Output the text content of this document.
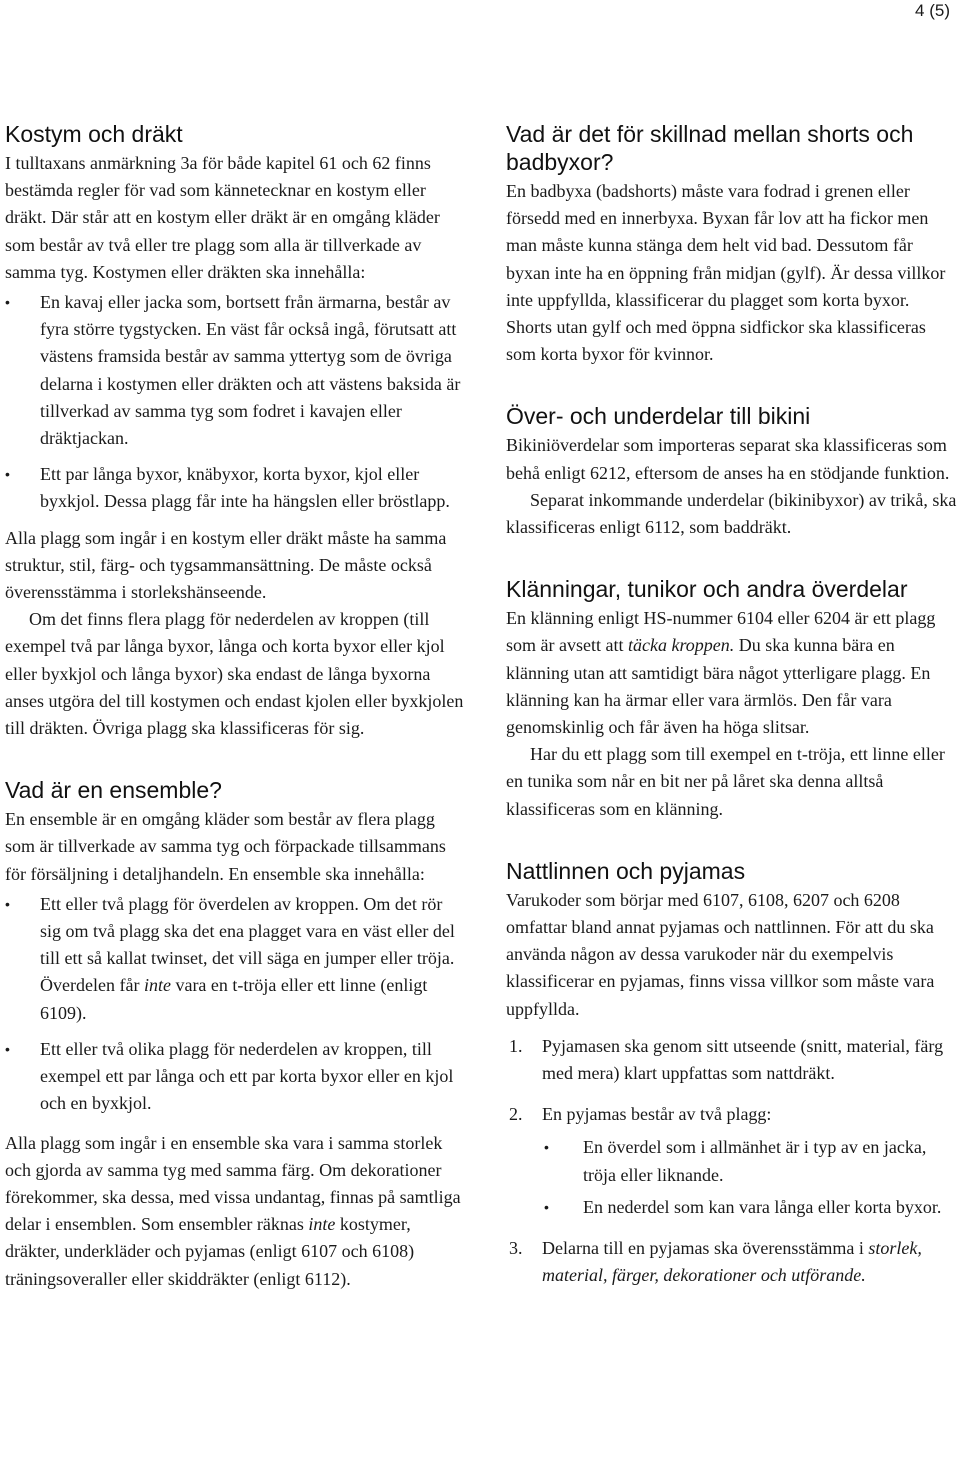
4 (5)
Kostym och dräkt

I tulltaxans anmärkning 3a för både kapitel 61 och 62 finns bestämda regler för vad som kännetecknar en kostym eller dräkt. Där står att en kostym eller dräkt är en omgång kläder som består av två eller tre plagg som alla är tillverkade av samma tyg. Kostymen eller dräkten ska innehålla:

• En kavaj eller jacka som, bortsett från ärmarna, består av fyra större tygstycken. En väst får också ingå, förutsatt att västens framsida består av samma yttertyg som de övriga delarna i kostymen eller dräkten och att västens baksida är tillverkad av samma tyg som fodret i kavajen eller dräktjackan.
• Ett par långa byxor, knäbyxor, korta byxor, kjol eller byxkjol. Dessa plagg får inte ha hängslen eller bröstlapp.

Alla plagg som ingår i en kostym eller dräkt måste ha samma struktur, stil, färg- och tygsammansättning. De måste också överensstämma i storlekshänseende.

Om det finns flera plagg för nederdelen av kroppen (till exempel två par långa byxor, långa och korta byxor eller kjol eller byxkjol och långa byxor) ska endast de långa byxorna anses utgöra del till kostymen och endast kjolen eller byxkjolen till dräkten. Övriga plagg ska klassificeras för sig.

Vad är en ensemble?

En ensemble är en omgång kläder som består av flera plagg som är tillverkade av samma tyg och förpackade tillsammans för försäljning i detaljhandeln. En ensemble ska innehålla:

• Ett eller två plagg för överdelen av kroppen. Om det rör sig om två plagg ska det ena plagget vara en väst eller del till ett så kallat twinset, det vill säga en jumper eller tröja. Överdelen får inte vara en t-tröja eller ett linne (enligt 6109).
• Ett eller två olika plagg för nederdelen av kroppen, till exempel ett par långa och ett par korta byxor eller en kjol och en byxkjol.

Alla plagg som ingår i en ensemble ska vara i samma storlek och gjorda av samma tyg med samma färg. Om dekorationer förekommer, ska dessa, med vissa undantag, finnas på samtliga delar i ensemblen. Som ensembler räknas inte kostymer, dräkter, underkläder och pyjamas (enligt 6107 och 6108) träningsoveraller eller skiddräkter (enligt 6112).

Vad är det för skillnad mellan shorts och badbyxor?

En badbyxa (badshorts) måste vara fodrad i grenen eller försedd med en innerbyxa. Byxan får lov att ha fickor men man måste kunna stänga dem helt vid bad. Dessutom får byxan inte ha en öppning från midjan (gylf). Är dessa villkor inte uppfyllda, klassificerar du plagget som korta byxor. Shorts utan gylf och med öppna sidfickor ska klassificeras som korta byxor för kvinnor.

Över- och underdelar till bikini

Bikiniöverdelar som importeras separat ska klassificeras som behå enligt 6212, eftersom de anses ha en stödjande funktion.

Separat inkommande underdelar (bikinibyxor) av trikå, ska klassificeras enligt 6112, som baddräkt.

Klänningar, tunikor och andra överdelar

En klänning enligt HS-nummer 6104 eller 6204 är ett plagg som är avsett att täcka kroppen. Du ska kunna bära en klänning utan att samtidigt bära något ytterligare plagg. En klänning kan ha ärmar eller vara ärmlös. Den får vara genomskinlig och får även ha höga slitsar.

Har du ett plagg som till exempel en t-tröja, ett linne eller en tunika som når en bit ner på låret ska denna alltså klassificeras som en klänning.

Nattlinnen och pyjamas

Varukoder som börjar med 6107, 6108, 6207 och 6208 omfattar bland annat pyjamas och nattlinnen. För att du ska använda någon av dessa varukoder när du exempelvis klassificerar en pyjamas, finns vissa villkor som måste vara uppfyllda.

1. Pyjamasen ska genom sitt utseende (snitt, material, färg med mera) klart uppfattas som nattdräkt.
2. En pyjamas består av två plagg:
• En överdel som i allmänhet är i typ av en jacka, tröja eller liknande.
• En nederdel som kan vara långa eller korta byxor.
3. Delarna till en pyjamas ska överensstämma i storlek, material, färger, dekorationer och utförande.
